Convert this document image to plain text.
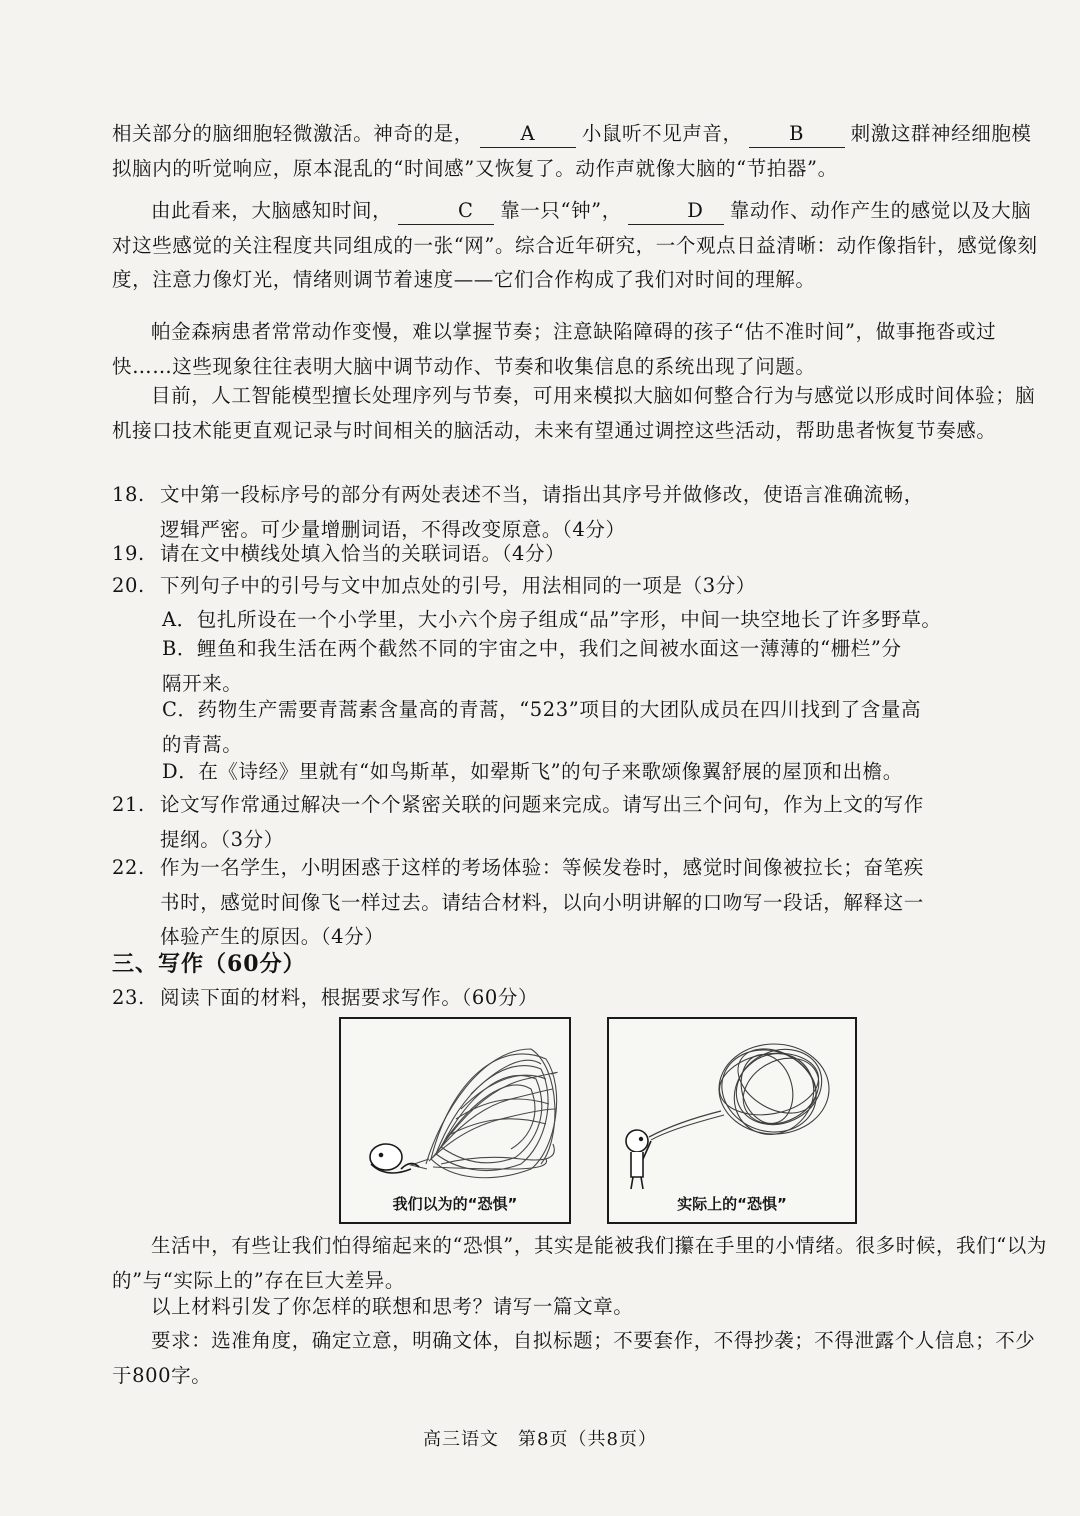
相关部分的脑细胞轻微激活。神奇的是， A 小鼠听不见声音， B 刺激这群神经细胞模拟脑内的听觉响应，原本混乱的“时间感”又恢复了。动作声就像大脑的“节拍器”。

由此看来，大脑感知时间，	C 靠一只“钟”，	D 靠动作、动作产生的感觉以及大脑对这些感觉的关注程度共同组成的一张“网”。综合近年研究，一个观点日益清晰：动作像指针，感觉像刻度，注意力像灯光，情绪则调节着速度——它们合作构成了我们对时间的理解。

帕金森病患者常常动作变慢，难以掌握节奏；注意缺陷障碍的孩子“估不准时间”，做事拖沓或过快……这些现象往往表明大脑中调节动作、节奏和收集信息的系统出现了问题。

目前，人工智能模型擅长处理序列与节奏，可用来模拟大脑如何整合行为与感觉以形成时间体验；脑机接口技术能更直观记录与时间相关的脑活动，未来有望通过调控这些活动，帮助患者恢复节奏感。

18. 文中第一段标序号的部分有两处表述不当，请指出其序号并做修改，使语言准确流畅，
逻辑严密。可少量增删词语，不得改变原意。（4分）
19. 请在文中横线处填入恰当的关联词语。（4分）
20. 下列句子中的引号与文中加点处的引号，用法相同的一项是（3分）
A．包扎所设在一个小学里，大小六个房子组成“品”字形，中间一块空地长了许多野草。
B．鲤鱼和我生活在两个截然不同的宇宙之中，我们之间被水面这一薄薄的“栅栏”分
隔开来。
C．药物生产需要青蒿素含量高的青蒿，“523”项目的大团队成员在四川找到了含量高
的青蒿。
D．在《诗经》里就有“如鸟斯革，如翚斯飞”的句子来歌颂像翼舒展的屋顶和出檐。
21. 论文写作常通过解决一个个紧密关联的问题来完成。请写出三个问句，作为上文的写作
提纲。（3分）
22. 作为一名学生，小明困惑于这样的考场体验：等候发卷时，感觉时间像被拉长；奋笔疾
书时，感觉时间像飞一样过去。请结合材料，以向小明讲解的口吻写一段话，解释这一
体验产生的原因。（4分）
三、写作（60分）
23. 阅读下面的材料，根据要求写作。（60分）
我们以为的“恐惧”	实际上的“恐惧”

生活中，有些让我们怕得缩起来的“恐惧”，其实是能被我们攥在手里的小情绪。很多时候，我们“以为的”与“实际上的”存在巨大差异。

以上材料引发了你怎样的联想和思考？请写一篇文章。

要求：选准角度，确定立意，明确文体，自拟标题；不要套作，不得抄袭；不得泄露个人信息；不少于800字。

高三语文　第8页（共8页）
